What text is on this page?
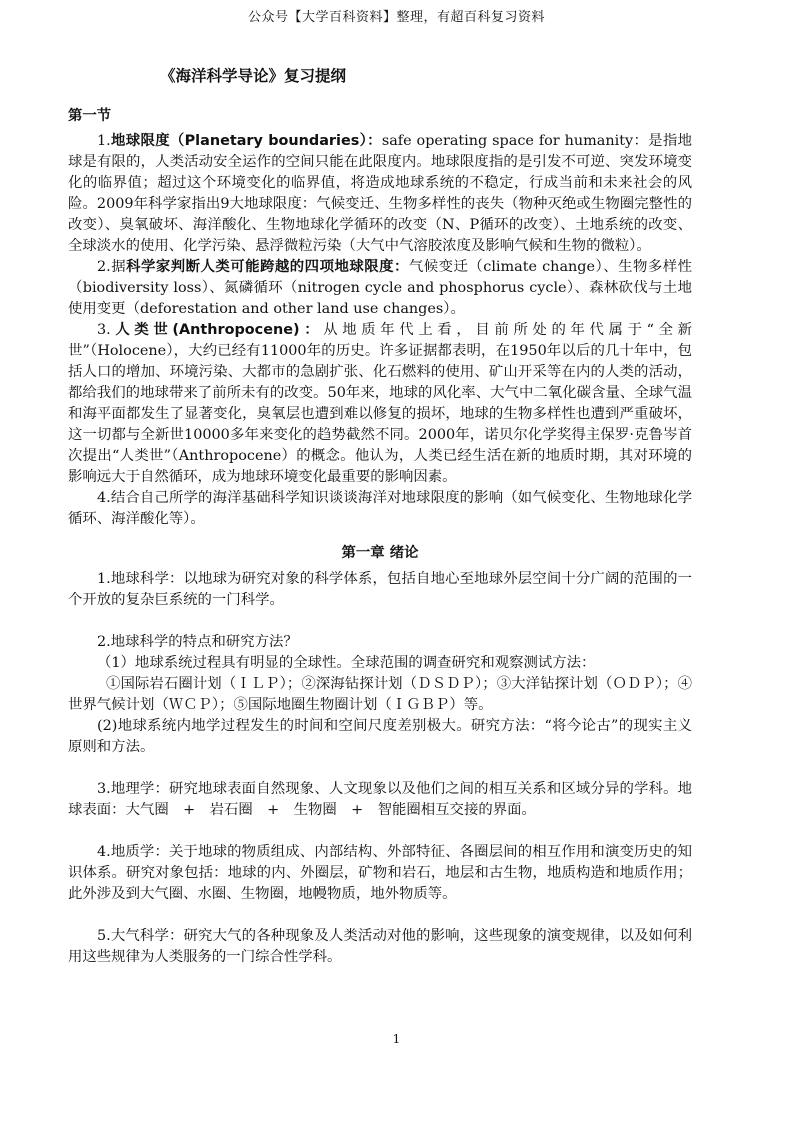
公众号【大学百科资料】整理，有超百科复习资料
《海洋科学导论》复习提纲

第一节

1.地球限度（Planetary boundaries）：safe operating space for humanity：是指地球是有限的，人类活动安全运作的空间只能在此限度内。地球限度指的是引发不可逆、突发环境变化的临界值；超过这个环境变化的临界值，将造成地球系统的不稳定，行成当前和未来社会的风险。2009年科学家指出9大地球限度：气候变迁、生物多样性的丧失（物种灭绝或生物圈完整性的改变）、臭氧破坏、海洋酸化、生物地球化学循环的改变（N、P循环的改变）、土地系统的改变、全球淡水的使用、化学污染、悬浮微粒污染（大气中气溶胶浓度及影响气候和生物的微粒）。

2.据科学家判断人类可能跨越的四项地球限度：气候变迁（climate change）、生物多样性（biodiversity loss）、氮磷循环（nitrogen cycle and phosphorus cycle）、森林砍伐与土地使用变更（deforestation and other land use changes）。

3.人类世(Anthropocene)：从地质年代上看，目前所处的年代属于“全新世”（Holocene），大约已经有11000年的历史。许多证据都表明，在1950年以后的几十年中，包括人口的增加、环境污染、大都市的急剧扩张、化石燃料的使用、矿山开采等在内的人类的活动，都给我们的地球带来了前所未有的改变。50年来，地球的风化率、大气中二氧化碳含量、全球气温和海平面都发生了显著变化，臭氧层也遭到难以修复的损坏，地球的生物多样性也遭到严重破坏，这一切都与全新世10000多年来变化的趋势截然不同。2000年，诺贝尔化学奖得主保罗·克鲁岑首次提出“人类世”（Anthropocene）的概念。他认为，人类已经生活在新的地质时期，其对环境的影响远大于自然循环，成为地球环境变化最重要的影响因素。

4.结合自己所学的海洋基础科学知识谈谈海洋对地球限度的影响（如气候变化、生物地球化学循环、海洋酸化等）。

第一章 绪论

1.地球科学：以地球为研究对象的科学体系，包括自地心至地球外层空间十分广阔的范围的一个开放的复杂巨系统的一门科学。

2.地球科学的特点和研究方法？

（1）地球系统过程具有明显的全球性。全球范围的调查研究和观察测试方法：

①国际岩石圈计划（ＩＬＰ）；②深海钻探计划（ＤＳＤＰ）；③大洋钻探计划（ＯＤＰ）；④世界气候计划（ＷＣＰ）；⑤国际地圈生物圈计划（ＩＧＢＰ）等。

(2)地球系统内地学过程发生的时间和空间尺度差别极大。研究方法：“将今论古”的现实主义原则和方法。

3.地理学：研究地球表面自然现象、人文现象以及他们之间的相互关系和区域分异的学科。地球表面：大气圈　+　岩石圈　+　生物圈　+　智能圈相互交接的界面。

4.地质学：关于地球的物质组成、内部结构、外部特征、各圈层间的相互作用和演变历史的知识体系。研究对象包括：地球的内、外圈层，矿物和岩石，地层和古生物，地质构造和地质作用；此外涉及到大气圈、水圈、生物圈，地幔物质，地外物质等。

5.大气科学：研究大气的各种现象及人类活动对他的影响，这些现象的演变规律，以及如何利用这些规律为人类服务的一门综合性学科。

1
